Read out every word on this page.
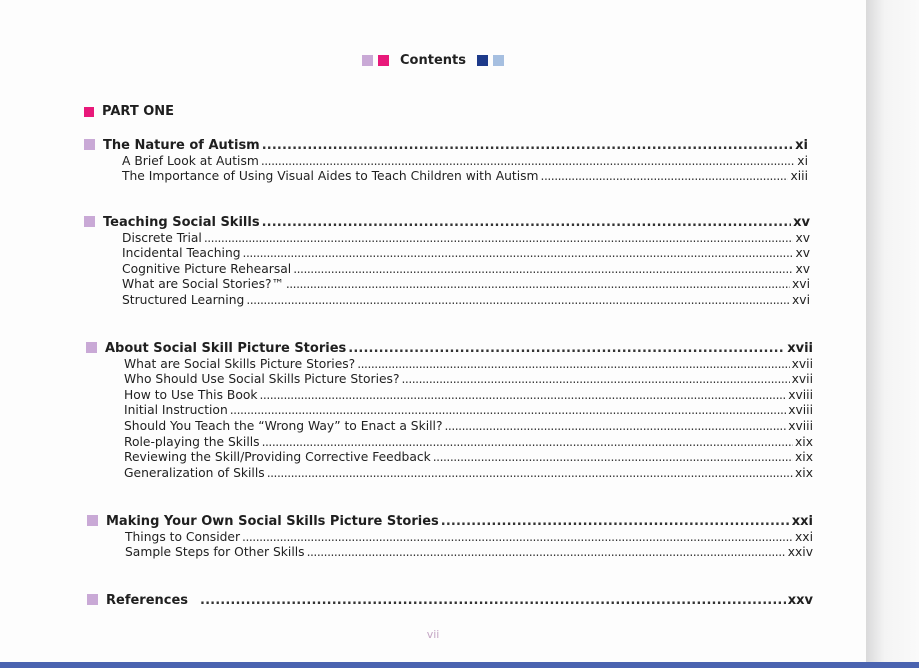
Contents
PART ONE
The Nature of Autism . . .	xi
A Brief Look at Autism . . .	xi
The Importance of Using Visual Aides to Teach Children with Autism . . .	xiii
Teaching Social Skills . . .	xv
Discrete Trial . . .	xv
Incidental Teaching . . .	xv
Cognitive Picture Rehearsal . . .	xv
What are Social Stories?™ . . .	xvi
Structured Learning . . .	xvi
About Social Skill Picture Stories . . .	xvii
What are Social Skills Picture Stories? . . .	xvii
Who Should Use Social Skills Picture Stories? . . .	xvii
How to Use This Book . . .	xviii
Initial Instruction . . .	xviii
Should You Teach the “Wrong Way” to Enact a Skill? . . .	xviii
Role-playing the Skills . . .	xix
Reviewing the Skill/Providing Corrective Feedback . . .	xix
Generalization of Skills . . .	xix
Making Your Own Social Skills Picture Stories . . .	xxi
Things to Consider . . .	xxi
Sample Steps for Other Skills . . .	xxiv
References . . .	xxv
vii
